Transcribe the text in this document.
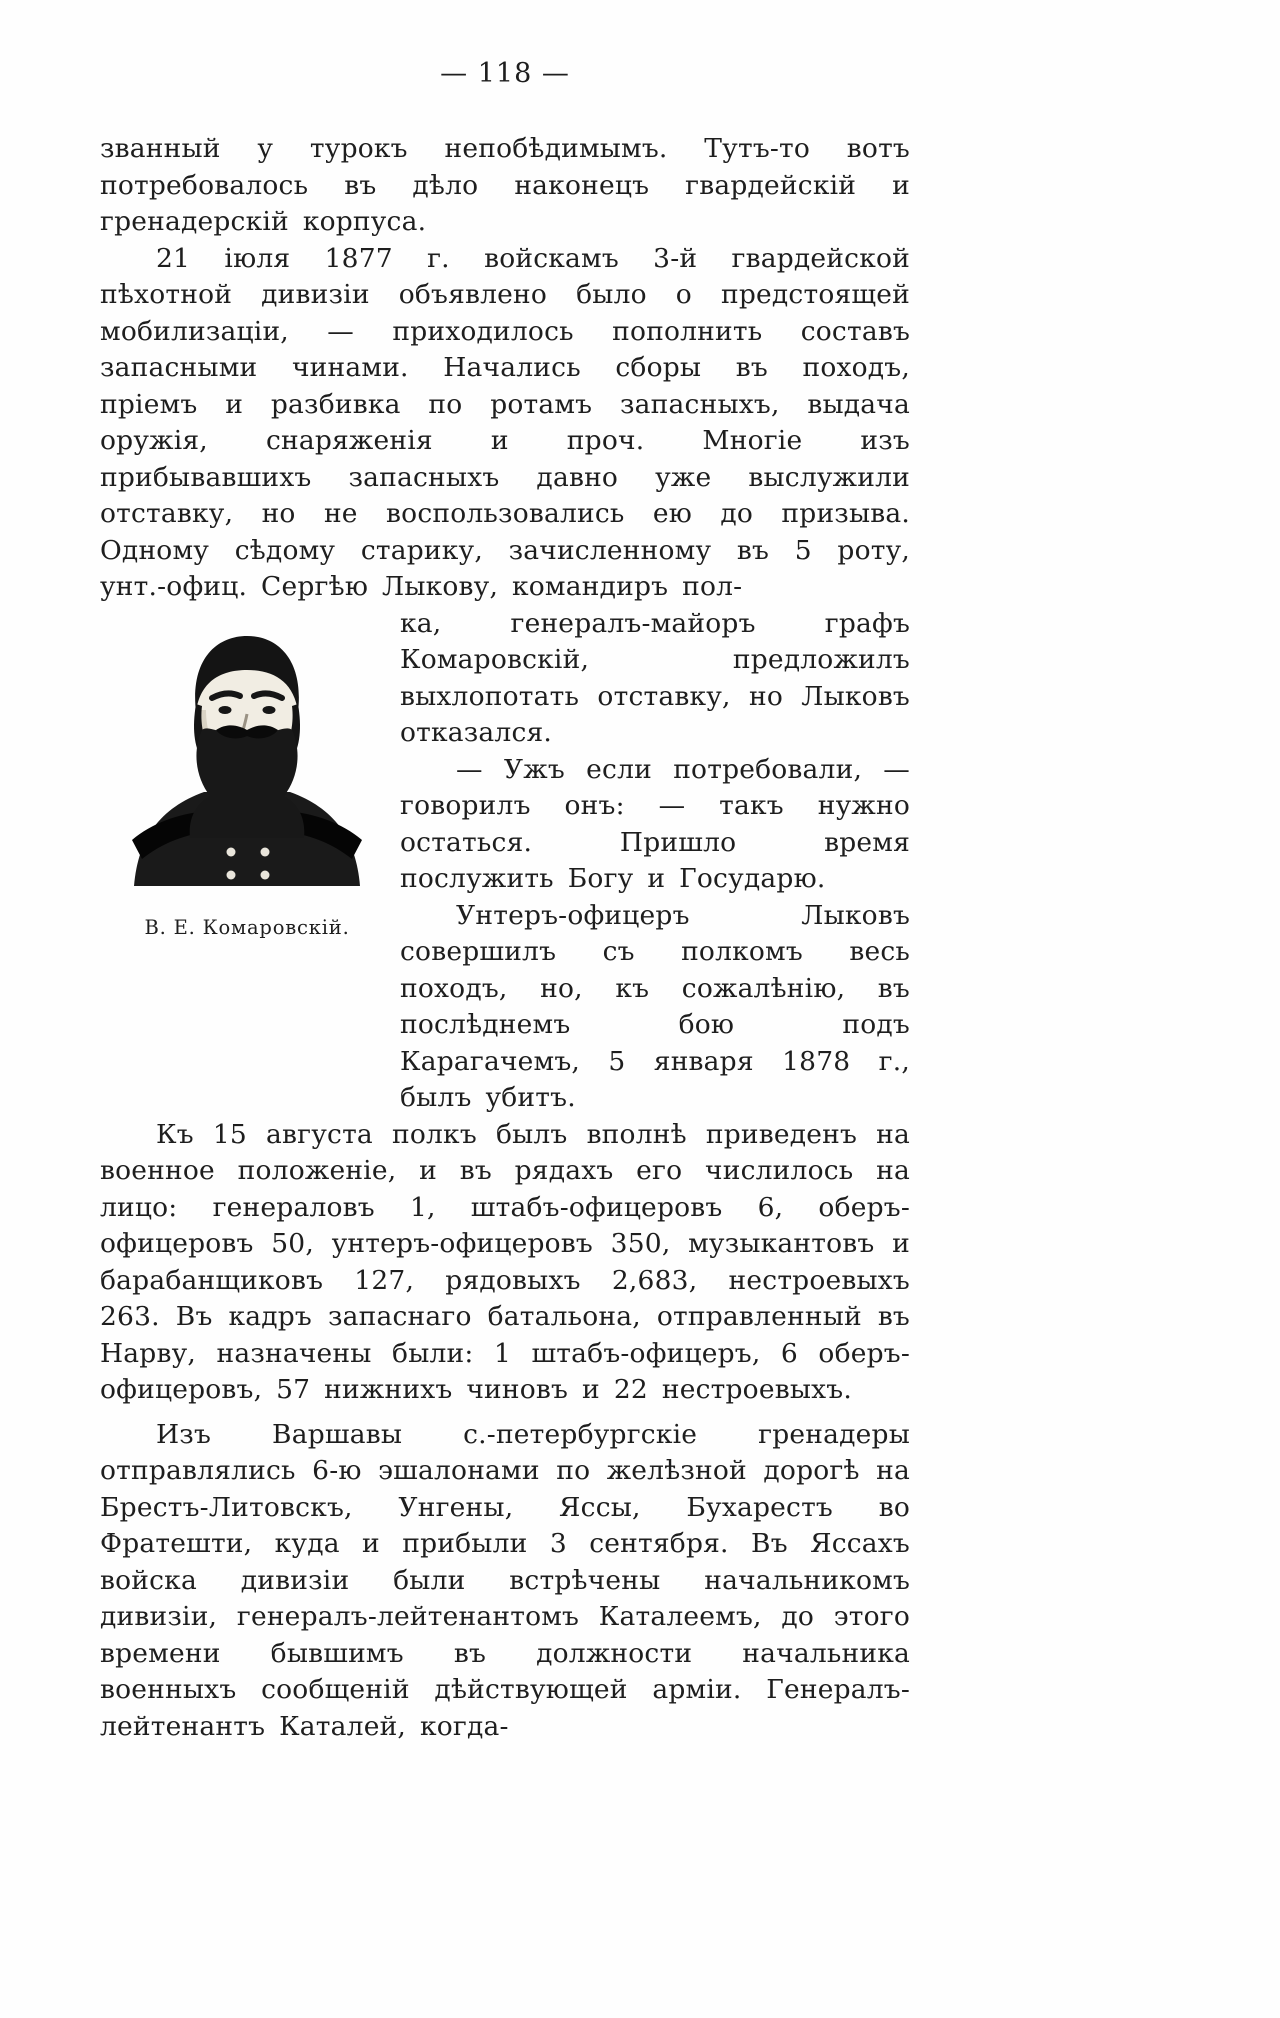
— 118 —

званный у турокъ непобѣдимымъ. Тутъ-то вотъ потребовалось въ дѣло наконецъ гвардейскій и гренадерскій корпуса.

21 іюля 1877 г. войскамъ 3-й гвардейской пѣхотной дивизіи объявлено было о предстоящей мобилизаціи, — приходилось пополнить составъ запасными чинами. Начались сборы въ походъ, пріемъ и разбивка по ротамъ запасныхъ, выдача оружія, снаряженія и проч. Многіе изъ прибывавшихъ запасныхъ давно уже выслужили отставку, но не воспользовались ею до призыва. Одному сѣдому старику, зачисленному въ 5 роту, унт.-офиц. Сергѣю Лыкову, командиръ пол-

В. Е. Комаровскій.

ка, генералъ-майоръ графъ Комаровскій, предложилъ выхлопотать отставку, но Лыковъ отказался.

— Ужъ если потребовали, — говорилъ онъ: — такъ нужно остаться. Пришло время послужить Богу и Государю.

Унтеръ-офицеръ Лыковъ совершилъ съ полкомъ весь походъ, но, къ сожалѣнію, въ послѣднемъ бою подъ Карагачемъ, 5 января 1878 г., былъ убитъ.

Къ 15 августа полкъ былъ вполнѣ приведенъ на военное положеніе, и въ рядахъ его числилось на лицо: генераловъ 1, штабъ-офицеровъ 6, оберъ-офицеровъ 50, унтеръ-офицеровъ 350, музыкантовъ и барабанщиковъ 127, рядовыхъ 2,683, нестроевыхъ 263. Въ кадръ запаснаго батальона, отправленный въ Нарву, назначены были: 1 штабъ-офицеръ, 6 оберъ-офицеровъ, 57 нижнихъ чиновъ и 22 нестроевыхъ.

Изъ Варшавы с.-петербургскіе гренадеры отправлялись 6-ю эшалонами по желѣзной дорогѣ на Брестъ-Литовскъ, Унгены, Яссы, Бухарестъ во Фратешти, куда и прибыли 3 сентября. Въ Яссахъ войска дивизіи были встрѣчены начальникомъ дивизіи, генералъ-лейтенантомъ Каталеемъ, до этого времени бывшимъ въ должности начальника военныхъ сообщеній дѣйствующей арміи. Генералъ-лейтенантъ Каталей, когда-
